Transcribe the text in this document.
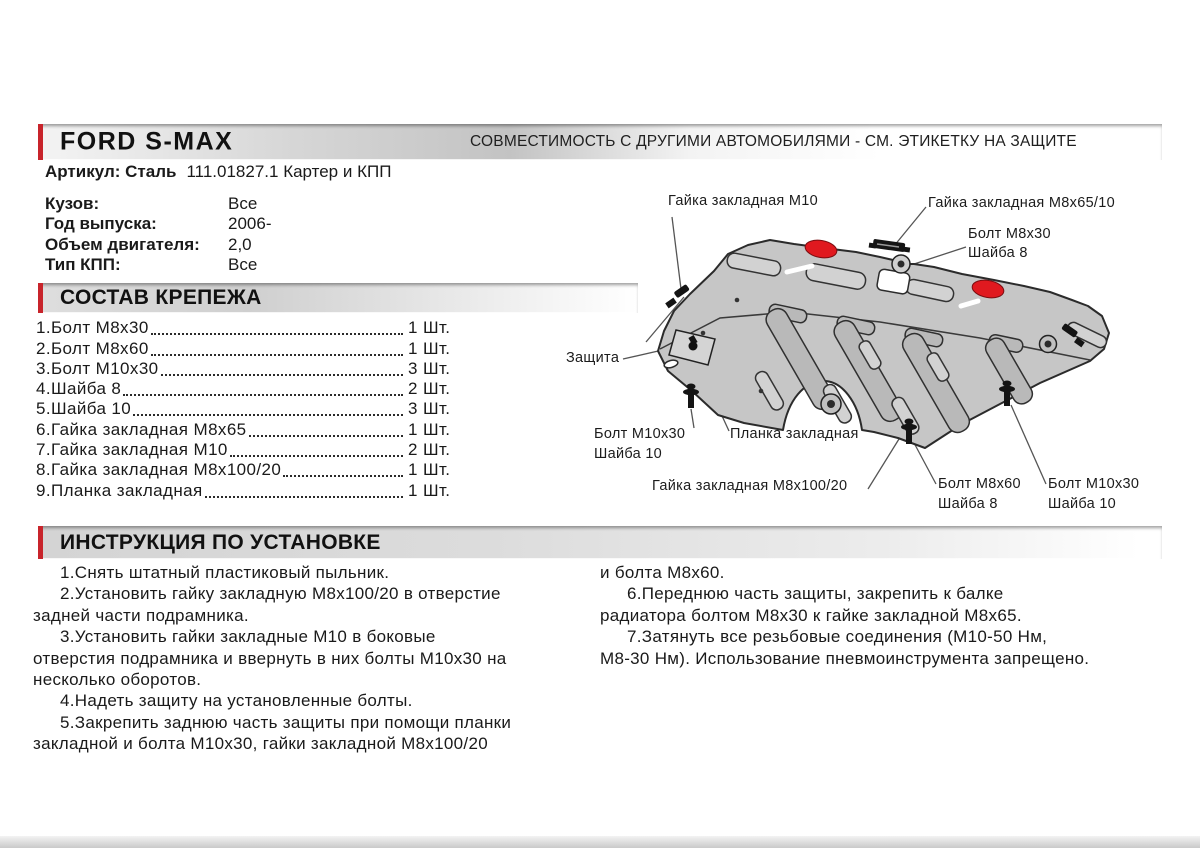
FORD S-MAX	СОВМЕСТИМОСТЬ С ДРУГИМИ АВТОМОБИЛЯМИ - СМ. ЭТИКЕТКУ НА ЗАЩИТЕ
Артикул: Сталь 111.01827.1 Картер и КПП
Кузов:	Все
Год выпуска:	2006-
Объем двигателя:	2,0
Тип КПП:	Все
СОСТАВ КРЕПЕЖА
1.Болт М8х30	1 Шт.
2.Болт М8х60	1 Шт.
3.Болт М10х30	3 Шт.
4.Шайба 8	2 Шт.
5.Шайба 10	3 Шт.
6.Гайка закладная М8х65	1 Шт.
7.Гайка закладная М10	2 Шт.
8.Гайка закладная М8х100/20	1 Шт.
9.Планка закладная	1 Шт.
ИНСТРУКЦИЯ ПО УСТАНОВКЕ
1.Снять штатный пластиковый пыльник.
2.Установить гайку закладную М8х100/20 в отверстие
задней части подрамника.
3.Установить гайки закладные М10 в боковые
отверстия подрамника и ввернуть в них болты М10х30 на
несколько оборотов.
4.Надеть защиту на установленные болты.
5.Закрепить заднюю часть защиты при помощи планки
закладной и болта М10х30, гайки закладной М8х100/20
и болта М8х60.
6.Переднюю часть защиты, закрепить к балке
радиатора болтом М8х30 к гайке закладной М8х65.
7.Затянуть все резьбовые соединения (М10-50 Нм,
М8-30 Нм). Использование пневмоинструмента запрещено.
Гайка закладная М10	Гайка закладная М8х65/10
Болт М8х30
Шайба 8
Защита
Болт М10х30
Шайба 10
Планка закладная
Гайка закладная М8х100/20	Болт М8х60
Шайба 8
Болт М10х30
Шайба 10
